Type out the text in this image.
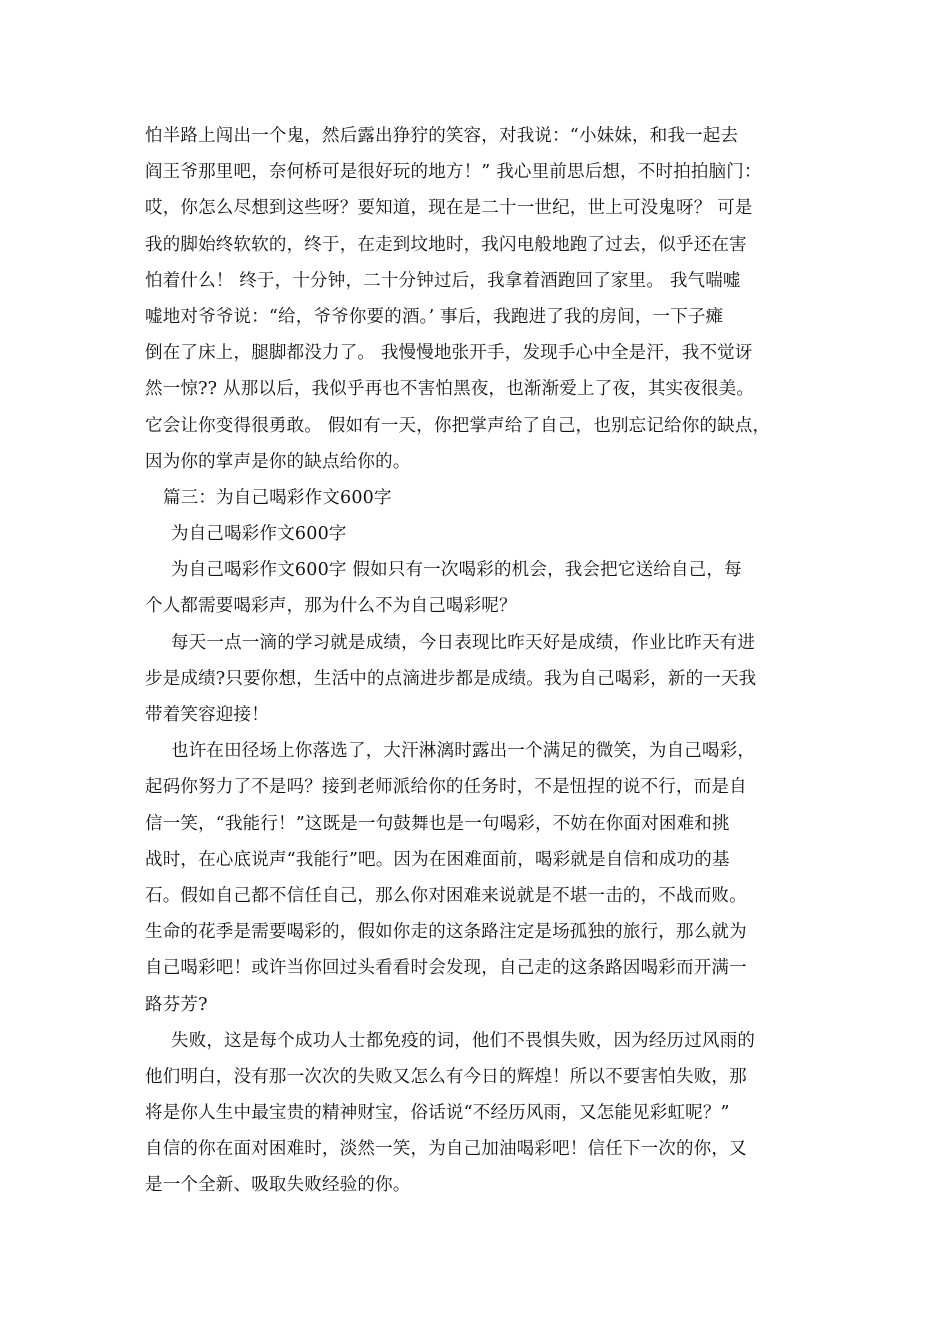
怕半路上闯出一个鬼，然后露出狰狞的笑容，对我说：“小妹妹，和我一起去
阎王爷那里吧，奈何桥可是很好玩的地方！” 我心里前思后想，不时拍拍脑门：
哎，你怎么尽想到这些呀？要知道，现在是二十一世纪，世上可没鬼呀？ 可是
我的脚始终软软的，终于，在走到坟地时，我闪电般地跑了过去，似乎还在害
怕着什么！ 终于，十分钟，二十分钟过后，我拿着酒跑回了家里。 我气喘嘘
嘘地对爷爷说：“给，爷爷你要的酒。’ 事后，我跑进了我的房间，一下子瘫
倒在了床上，腿脚都没力了。 我慢慢地张开手，发现手心中全是汗，我不觉讶
然一惊?? 从那以后，我似乎再也不害怕黑夜，也渐渐爱上了夜，其实夜很美。
它会让你变得很勇敢。 假如有一天，你把掌声给了自己，也别忘记给你的缺点，
因为你的掌声是你的缺点给你的。
篇三：为自己喝彩作文600字
为自己喝彩作文600字
为自己喝彩作文600字 假如只有一次喝彩的机会，我会把它送给自己，每
个人都需要喝彩声，那为什么不为自己喝彩呢？
每天一点一滴的学习就是成绩，今日表现比昨天好是成绩，作业比昨天有进
步是成绩?只要你想，生活中的点滴进步都是成绩。我为自己喝彩，新的一天我
带着笑容迎接！
也许在田径场上你落选了，大汗淋漓时露出一个满足的微笑，为自己喝彩，
起码你努力了不是吗？接到老师派给你的任务时，不是忸捏的说不行，而是自
信一笑，“我能行！”这既是一句鼓舞也是一句喝彩，不妨在你面对困难和挑
战时，在心底说声“我能行”吧。因为在困难面前，喝彩就是自信和成功的基
石。假如自己都不信任自己，那么你对困难来说就是不堪一击的，不战而败。
生命的花季是需要喝彩的，假如你走的这条路注定是场孤独的旅行，那么就为
自己喝彩吧！或许当你回过头看看时会发现，自己走的这条路因喝彩而开满一
路芬芳?
失败，这是每个成功人士都免疫的词，他们不畏惧失败，因为经历过风雨的
他们明白，没有那一次次的失败又怎么有今日的辉煌！所以不要害怕失败，那
将是你人生中最宝贵的精神财宝，俗话说“不经历风雨，又怎能见彩虹呢？”
自信的你在面对困难时，淡然一笑，为自己加油喝彩吧！信任下一次的你，又
是一个全新、吸取失败经验的你。
